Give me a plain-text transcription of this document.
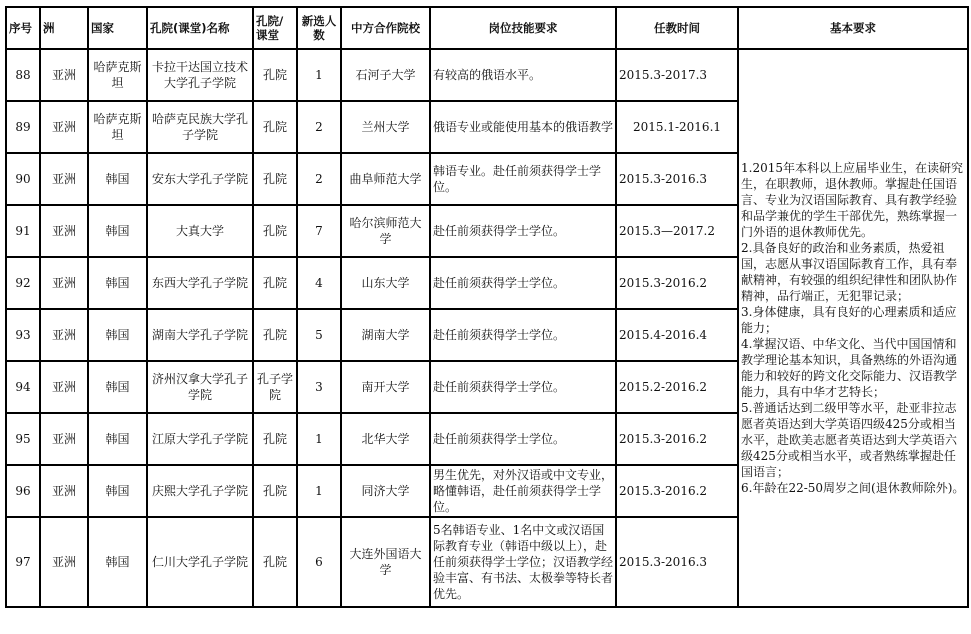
序号	洲	国家	孔院(课堂)名称	孔院/课堂	新选人数	中方合作院校	岗位技能要求	任教时间	基本要求
88	亚洲	哈萨克斯坦	卡拉干达国立技术大学孔子学院	孔院	1	石河子大学	有较高的俄语水平。	2015.3-2017.3	
1.2015年本科以上应届毕业生，在读研究生，在职教师，退休教师。掌握赴任国语言、专业为汉语国际教育、具有教学经验和品学兼优的学生干部优先，熟练掌握一门外语的退休教师优先。
2.具备良好的政治和业务素质，热爱祖国，志愿从事汉语国际教育工作，具有奉献精神，有较强的组织纪律性和团队协作精神，品行端正，无犯罪记录；
3.身体健康，具有良好的心理素质和适应能力；
4.掌握汉语、中华文化、当代中国国情和教学理论基本知识，具备熟练的外语沟通能力和较好的跨文化交际能力、汉语教学能力，具有中华才艺特长；
5.普通话达到二级甲等水平，赴亚非拉志愿者英语达到大学英语四级425分或相当水平，赴欧美志愿者英语达到大学英语六级425分或相当水平，或者熟练掌握赴任国语言；
6.年龄在22-50周岁之间(退休教师除外)。

89	亚洲	哈萨克斯坦	哈萨克民族大学孔子学院	孔院	2	兰州大学	俄语专业或能使用基本的俄语教学	2015.1-2016.1	
90	亚洲	韩国	安东大学孔子学院	孔院	2	曲阜师范大学	韩语专业。赴任前须获得学士学位。	2015.3-2016.3	
91	亚洲	韩国	大真大学	孔院	7	哈尔滨师范大学	赴任前须获得学士学位。	2015.3—2017.2	
92	亚洲	韩国	东西大学孔子学院	孔院	4	山东大学	赴任前须获得学士学位。	2015.3-2016.2	
93	亚洲	韩国	湖南大学孔子学院	孔院	5	湖南大学	赴任前须获得学士学位。	2015.4-2016.4	
94	亚洲	韩国	济州汉拿大学孔子学院	孔子学院	3	南开大学	赴任前须获得学士学位。	2015.2-2016.2	
95	亚洲	韩国	江原大学孔子学院	孔院	1	北华大学	赴任前须获得学士学位。	2015.3-2016.2	
96	亚洲	韩国	庆熙大学孔子学院	孔院	1	同济大学	男生优先，对外汉语或中文专业，略懂韩语，赴任前须获得学士学位。	2015.3-2016.2	
97	亚洲	韩国	仁川大学孔子学院	孔院	6	大连外国语大学	5名韩语专业、1名中文或汉语国际教育专业（韩语中级以上），赴任前须获得学士学位；汉语教学经验丰富、有书法、太极拳等特长者优先。	2015.3-2016.3	
